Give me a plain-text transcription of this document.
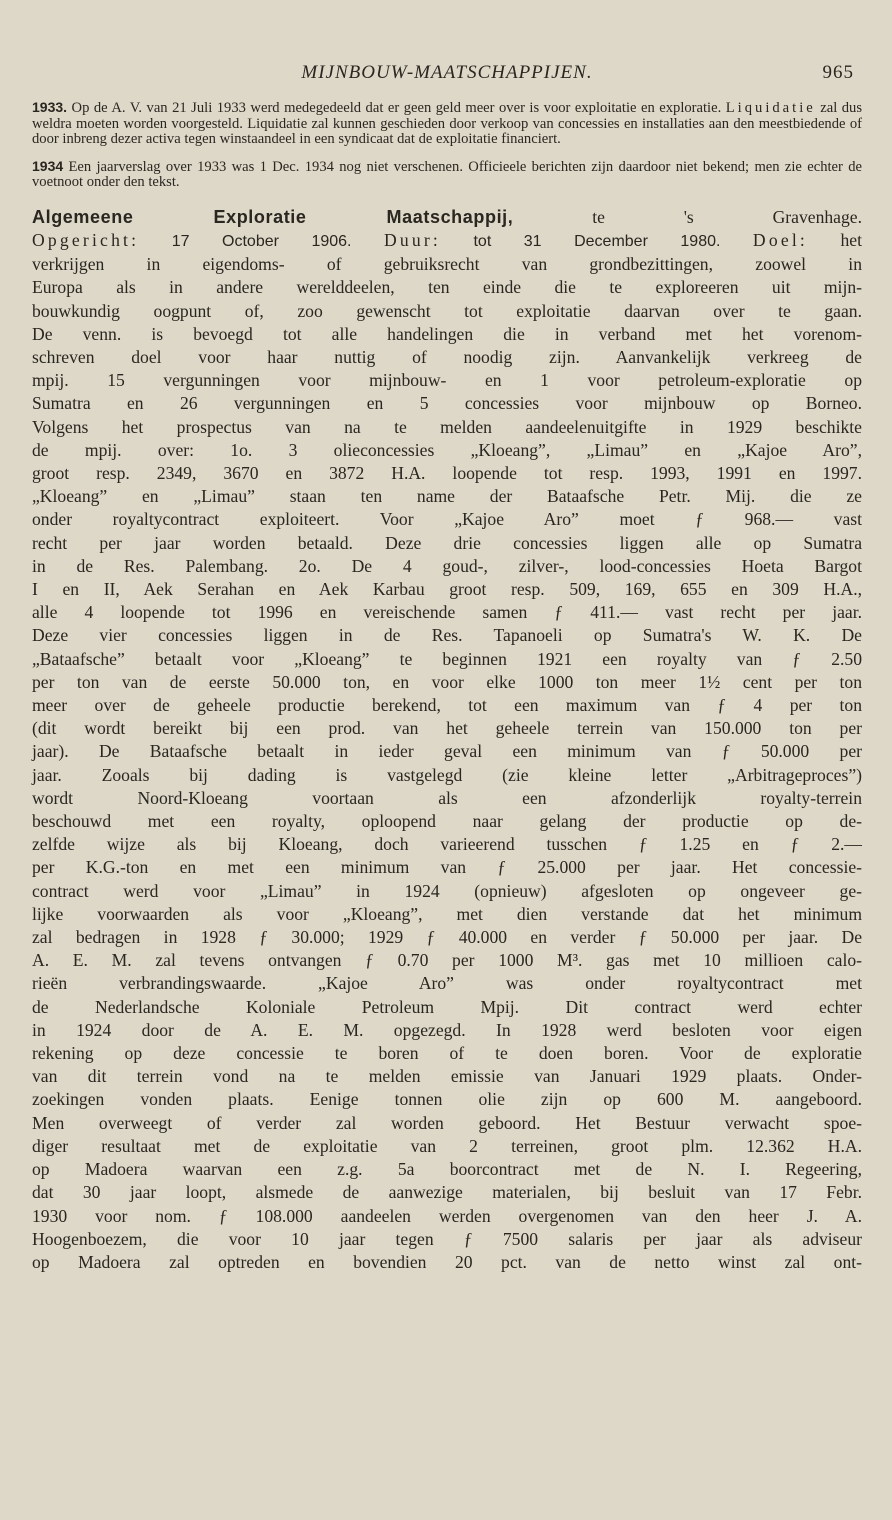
MIJNBOUW-MAATSCHAPPIJEN.	965

1933. Op de A. V. van 21 Juli 1933 werd medegedeeld dat er geen geld meer over is voor exploitatie en exploratie. Liquidatie zal dus weldra moeten worden voorgesteld. Liquidatie zal kunnen geschieden door verkoop van concessies en installaties aan den meestbiedende of door inbreng dezer activa tegen winstaandeel in een syndicaat dat de exploitatie financiert.

1934 Een jaarverslag over 1933 was 1 Dec. 1934 nog niet verschenen. Officieele berichten zijn daardoor niet bekend; men zie echter de voetnoot onder den tekst.

Algemeene Exploratie Maatschappij,	te 's Gravenhage.
Opgericht: 17 October 1906. Duur: tot 31 December 1980. Doel: het
verkrijgen in eigendoms- of gebruiksrecht van grondbezittingen, zoowel in
Europa als in andere werelddeelen, ten einde die te exploreeren uit mijn-
bouwkundig oogpunt of, zoo gewenscht tot exploitatie daarvan over te gaan.
De venn. is bevoegd tot alle handelingen die in verband met het vorenom-
schreven doel voor haar nuttig of noodig zijn. Aanvankelijk verkreeg de
mpij. 15 vergunningen voor mijnbouw- en 1 voor petroleum-exploratie op
Sumatra en 26 vergunningen en 5 concessies voor mijnbouw op Borneo.
Volgens het prospectus van na te melden aandeelenuitgifte in 1929 beschikte
de mpij. over: 1o. 3 olieconcessies „Kloeang”, „Limau” en „Kajoe Aro”,
groot resp. 2349, 3670 en 3872 H.A. loopende tot resp. 1993, 1991 en 1997.
„Kloeang” en „Limau” staan ten name der Bataafsche Petr. Mij. die ze
onder royaltycontract exploiteert. Voor „Kajoe Aro” moet ƒ 968.— vast
recht per jaar worden betaald. Deze drie concessies liggen alle op Sumatra
in de Res. Palembang. 2o. De 4 goud-, zilver-, lood-concessies Hoeta Bargot
I en II, Aek Serahan en Aek Karbau groot resp. 509, 169, 655 en 309 H.A.,
alle 4 loopende tot 1996 en vereischende samen ƒ 411.— vast recht per jaar.
Deze vier concessies liggen in de Res. Tapanoeli op Sumatra's W. K. De
„Bataafsche” betaalt voor „Kloeang” te beginnen 1921 een royalty van ƒ 2.50
per ton van de eerste 50.000 ton, en voor elke 1000 ton meer 1½ cent per ton
meer over de geheele productie berekend, tot een maximum van ƒ 4 per ton
(dit wordt bereikt bij een prod. van het geheele terrein van 150.000 ton per
jaar). De Bataafsche betaalt in ieder geval een minimum van ƒ 50.000 per
jaar. Zooals bij dading is vastgelegd (zie kleine letter „Arbitrageproces”)
wordt Noord-Kloeang voortaan als een afzonderlijk royalty-terrein
beschouwd met een royalty, oploopend naar gelang der productie op de-
zelfde wijze als bij Kloeang, doch varieerend tusschen ƒ 1.25 en ƒ 2.—
per K.G.-ton en met een minimum van ƒ 25.000 per jaar. Het concessie-
contract werd voor „Limau” in 1924 (opnieuw) afgesloten op ongeveer ge-
lijke voorwaarden als voor „Kloeang”, met dien verstande dat het minimum
zal bedragen in 1928 ƒ 30.000; 1929 ƒ 40.000 en verder ƒ 50.000 per jaar. De
A. E. M. zal tevens ontvangen ƒ 0.70 per 1000 M³. gas met 10 millioen calo-
rieën verbrandingswaarde. „Kajoe Aro” was onder royaltycontract met
de Nederlandsche Koloniale Petroleum Mpij. Dit contract werd echter
in 1924 door de A. E. M. opgezegd. In 1928 werd besloten voor eigen
rekening op deze concessie te boren of te doen boren. Voor de exploratie
van dit terrein vond na te melden emissie van Januari 1929 plaats. Onder-
zoekingen vonden plaats. Eenige tonnen olie zijn op 600 M. aangeboord.
Men overweegt of verder zal worden geboord. Het Bestuur verwacht spoe-
diger resultaat met de exploitatie van 2 terreinen, groot plm. 12.362 H.A.
op Madoera waarvan een z.g. 5a boorcontract met de N. I. Regeering,
dat 30 jaar loopt, alsmede de aanwezige materialen, bij besluit van 17 Febr.
1930 voor nom. ƒ 108.000 aandeelen werden overgenomen van den heer J. A.
Hoogenboezem, die voor 10 jaar tegen ƒ 7500 salaris per jaar als adviseur
op Madoera zal optreden en bovendien 20 pct. van de netto winst zal ont-
